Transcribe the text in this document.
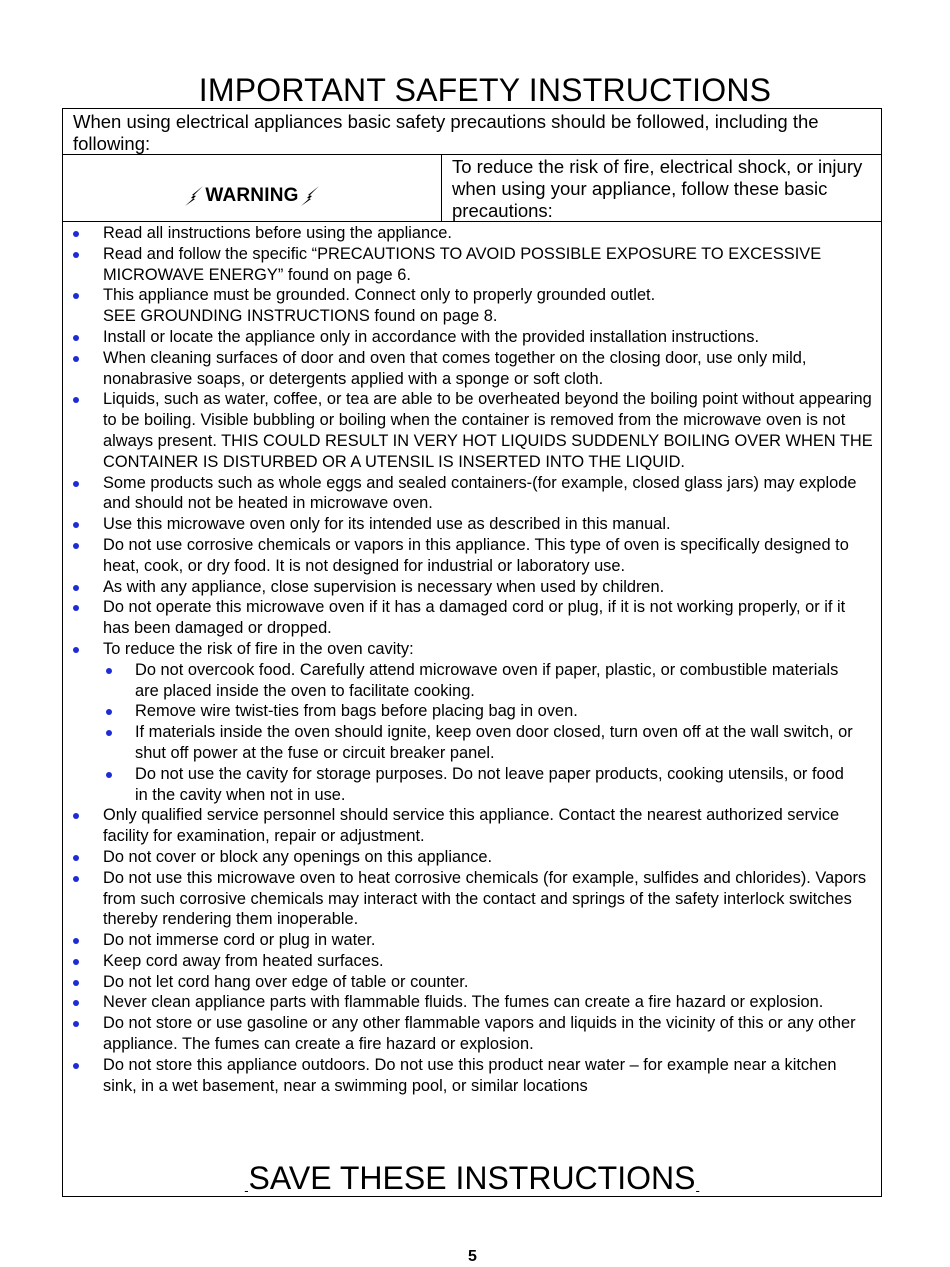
IMPORTANT SAFETY INSTRUCTIONS
When using electrical appliances basic safety precautions should be followed, including the following:
WARNING
To reduce the risk of fire, electrical shock, or injury when using your appliance, follow these basic precautions:
Read all instructions before using the appliance.
Read and follow the specific “PRECAUTIONS TO AVOID POSSIBLE EXPOSURE TO EXCESSIVE MICROWAVE ENERGY” found on page 6.
This appliance must be grounded. Connect only to properly grounded outlet.
SEE GROUNDING INSTRUCTIONS found on page 8.
Install or locate the appliance only in accordance with the provided installation instructions.
When cleaning surfaces of door and oven that comes together on the closing door, use only mild, nonabrasive soaps, or detergents applied with a sponge or soft cloth.
Liquids, such as water, coffee, or tea are able to be overheated beyond the boiling point without appearing to be boiling. Visible bubbling or boiling when the container is removed from the microwave oven is not always present. THIS COULD RESULT IN VERY HOT LIQUIDS SUDDENLY BOILING OVER WHEN THE CONTAINER IS DISTURBED OR A UTENSIL IS INSERTED INTO THE LIQUID.
Some products such as whole eggs and sealed containers-(for example, closed glass jars) may explode and should not be heated in microwave oven.
Use this microwave oven only for its intended use as described in this manual.
Do not use corrosive chemicals or vapors in this appliance. This type of oven is specifically designed to heat, cook, or dry food. It is not designed for industrial or laboratory use.
As with any appliance, close supervision is necessary when used by children.
Do not operate this microwave oven if it has a damaged cord or plug, if it is not working properly, or if it has been damaged or dropped.
To reduce the risk of fire in the oven cavity:
Do not overcook food. Carefully attend microwave oven if paper, plastic, or combustible materials are placed inside the oven to facilitate cooking.
Remove wire twist-ties from bags before placing bag in oven.
If materials inside the oven should ignite, keep oven door closed, turn oven off at the wall switch, or shut off power at the fuse or circuit breaker panel.
Do not use the cavity for storage purposes. Do not leave paper products, cooking utensils, or food in the cavity when not in use.
Only qualified service personnel should service this appliance. Contact the nearest authorized service facility for examination, repair or adjustment.
Do not cover or block any openings on this appliance.
Do not use this microwave oven to heat corrosive chemicals (for example, sulfides and chlorides). Vapors from such corrosive chemicals may interact with the contact and springs of the safety interlock switches thereby rendering them inoperable.
Do not immerse cord or plug in water.
Keep cord away from heated surfaces.
Do not let cord hang over edge of table or counter.
Never clean appliance parts with flammable fluids. The fumes can create a fire hazard or explosion.
Do not store or use gasoline or any other flammable vapors and liquids in the vicinity of this or any other appliance. The fumes can create a fire hazard or explosion.
Do not store this appliance outdoors. Do not use this product near water – for example near a kitchen sink, in a wet basement, near a swimming pool, or similar locations
-SAVE THESE INSTRUCTIONS-
5
